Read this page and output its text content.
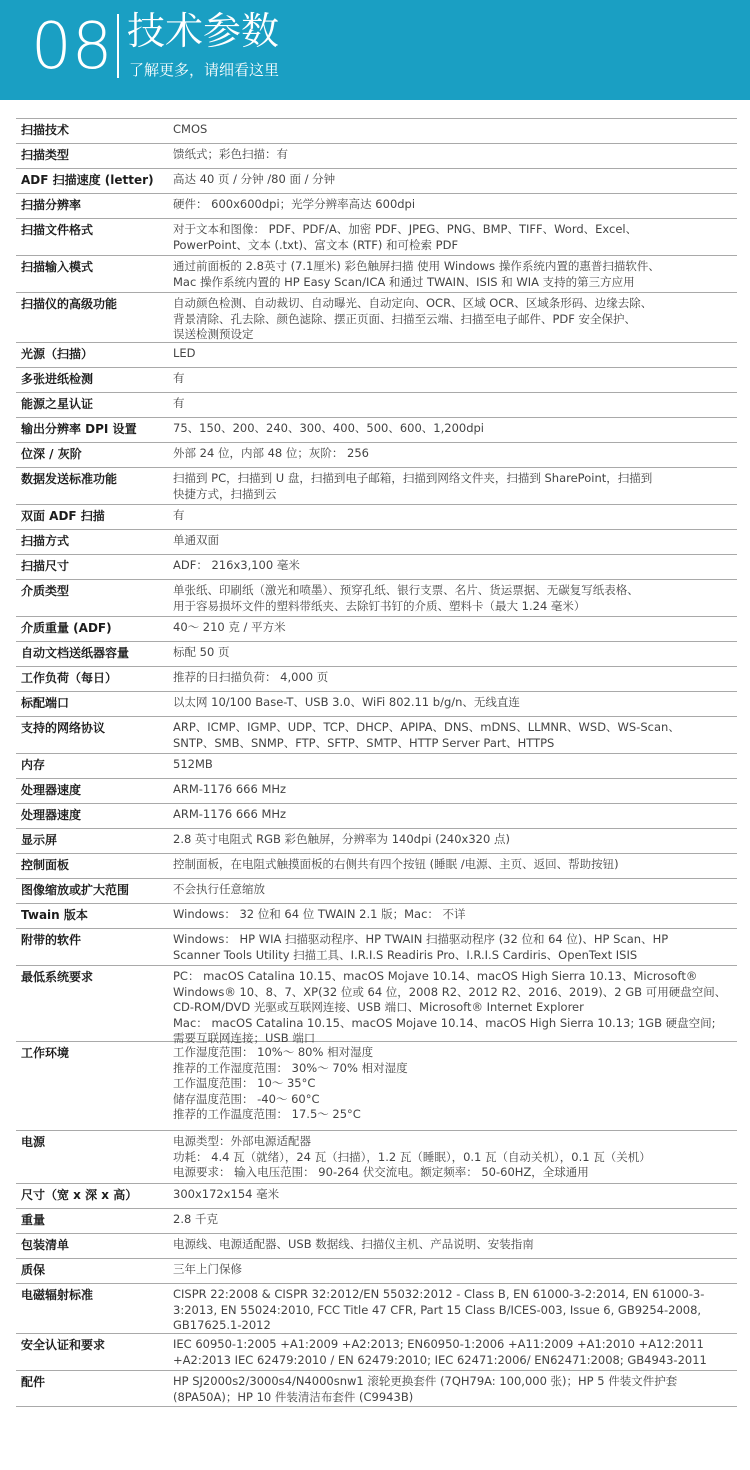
08 技术参数
了解更多，请细看这里
扫描技术	CMOS
扫描类型	馈纸式；彩色扫描：有
ADF 扫描速度 (letter)	高达 40 页 / 分钟 /80 面 / 分钟
扫描分辨率	硬件： 600x600dpi；光学分辨率高达 600dpi
扫描文件格式	对于文本和图像： PDF、PDF/A、加密 PDF、JPEG、PNG、BMP、TIFF、Word、Excel、
PowerPoint、文本 (.txt)、富文本 (RTF) 和可检索 PDF
扫描输入模式	通过前面板的 2.8英寸 (7.1厘米) 彩色触屏扫描 使用 Windows 操作系统内置的惠普扫描软件、
Mac 操作系统内置的 HP Easy Scan/ICA 和通过 TWAIN、ISIS 和 WIA 支持的第三方应用
扫描仪的高级功能	自动颜色检测、自动裁切、自动曝光、自动定向、OCR、区域 OCR、区域条形码、边缘去除、
背景清除、孔去除、颜色滤除、摆正页面、扫描至云端、扫描至电子邮件、PDF 安全保护、
误送检测预设定
光源（扫描）	LED
多张进纸检测	有
能源之星认证	有
输出分辨率 DPI 设置	75、150、200、240、300、400、500、600、1,200dpi
位深 / 灰阶	外部 24 位，内部 48 位；灰阶： 256
数据发送标准功能	扫描到 PC，扫描到 U 盘，扫描到电子邮箱，扫描到网络文件夹，扫描到 SharePoint，扫描到
快捷方式，扫描到云
双面 ADF 扫描	有
扫描方式	单通双面
扫描尺寸	ADF： 216x3,100 毫米
介质类型	单张纸、印刷纸（激光和喷墨）、预穿孔纸、银行支票、名片、货运票据、无碳复写纸表格、
用于容易损坏文件的塑料带纸夹、去除钉书钉的介质、塑料卡（最大 1.24 毫米）
介质重量 (ADF)	40～ 210 克 / 平方米
自动文档送纸器容量	标配 50 页
工作负荷（每日）	推荐的日扫描负荷： 4,000 页
标配端口	以太网 10/100 Base-T、USB 3.0、WiFi 802.11 b/g/n、无线直连
支持的网络协议	ARP、ICMP、IGMP、UDP、TCP、DHCP、APIPA、DNS、mDNS、LLMNR、WSD、WS-Scan、
SNTP、SMB、SNMP、FTP、SFTP、SMTP、HTTP Server Part、HTTPS
内存	512MB
处理器速度	ARM-1176 666 MHz
处理器速度	ARM-1176 666 MHz
显示屏	2.8 英寸电阻式 RGB 彩色触屏，分辨率为 140dpi (240x320 点)
控制面板	控制面板，在电阻式触摸面板的右侧共有四个按钮 (睡眠 /电源、主页、返回、帮助按钮)
图像缩放或扩大范围	不会执行任意缩放
Twain 版本	Windows： 32 位和 64 位 TWAIN 2.1 版；Mac： 不详
附带的软件	Windows： HP WIA 扫描驱动程序、HP TWAIN 扫描驱动程序 (32 位和 64 位)、HP Scan、HP
Scanner Tools Utility 扫描工具、I.R.I.S Readiris Pro、I.R.I.S Cardiris、OpenText ISIS
最低系统要求	PC： macOS Catalina 10.15、macOS Mojave 10.14、macOS High Sierra 10.13、Microsoft®
Windows® 10、8、7、XP(32 位或 64 位，2008 R2、2012 R2、2016、2019)、2 GB 可用硬盘空间、
CD-ROM/DVD 光驱或互联网连接、USB 端口、Microsoft® Internet Explorer
Mac： macOS Catalina 10.15、macOS Mojave 10.14、macOS High Sierra 10.13; 1GB 硬盘空间;
需要互联网连接；USB 端口
工作环境	工作湿度范围： 10%～ 80% 相对湿度
推荐的工作湿度范围： 30%～ 70% 相对湿度
工作温度范围： 10～ 35°C
储存温度范围： -40～ 60°C
推荐的工作温度范围： 17.5～ 25°C
电源	电源类型：外部电源适配器
功耗： 4.4 瓦（就绪），24 瓦（扫描），1.2 瓦（睡眠），0.1 瓦（自动关机），0.1 瓦（关机）
电源要求： 输入电压范围： 90-264 伏交流电。额定频率： 50-60HZ，全球通用
尺寸（宽 x 深 x 高）	300x172x154 毫米
重量	2.8 千克
包装清单	电源线、电源适配器、USB 数据线、扫描仪主机、产品说明、安装指南
质保	三年上门保修
电磁辐射标准	CISPR 22:2008 & CISPR 32:2012/EN 55032:2012 - Class B, EN 61000-3-2:2014, EN 61000-3-
3:2013, EN 55024:2010, FCC Title 47 CFR, Part 15 Class B/ICES-003, Issue 6, GB9254-2008,
GB17625.1-2012
安全认证和要求	IEC 60950-1:2005 +A1:2009 +A2:2013; EN60950-1:2006 +A11:2009 +A1:2010 +A12:2011
+A2:2013 IEC 62479:2010 / EN 62479:2010; IEC 62471:2006/ EN62471:2008; GB4943-2011
配件	HP SJ2000s2/3000s4/N4000snw1 滚轮更换套件 (7QH79A: 100,000 张)；HP 5 件装文件护套
(8PA50A)；HP 10 件装清洁布套件 (C9943B)
